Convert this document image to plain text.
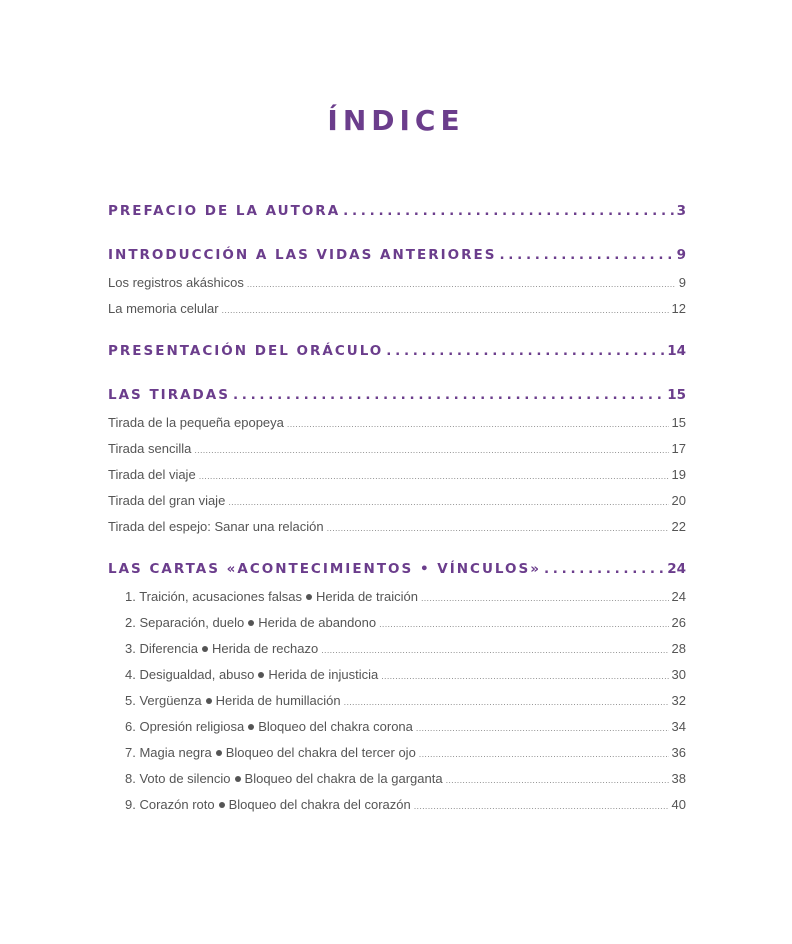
ÍNDICE
PREFACIO DE LA AUTORA . . .	3
INTRODUCCIÓN A LAS VIDAS ANTERIORES . . .	9
Los registros akáshicos .....	9
La memoria celular .....	12
PRESENTACIÓN DEL ORÁCULO . . .	14
LAS TIRADAS . . .	15
Tirada de la pequeña epopeya .....	15
Tirada sencilla .....	17
Tirada del viaje .....	19
Tirada del gran viaje .....	20
Tirada del espejo: Sanar una relación .....	22
LAS CARTAS «ACONTECIMIENTOS • VÍNCULOS» . . .	24
1. Traición, acusaciones falsas Herida de traición .....	24
2. Separación, duelo Herida de abandono .....	26
3. Diferencia Herida de rechazo .....	28
4. Desigualdad, abuso Herida de injusticia .....	30
5. Vergüenza Herida de humillación .....	32
6. Opresión religiosa Bloqueo del chakra corona .....	34
7. Magia negra Bloqueo del chakra del tercer ojo .....	36
8. Voto de silencio Bloqueo del chakra de la garganta .....	38
9. Corazón roto Bloqueo del chakra del corazón .....	40
